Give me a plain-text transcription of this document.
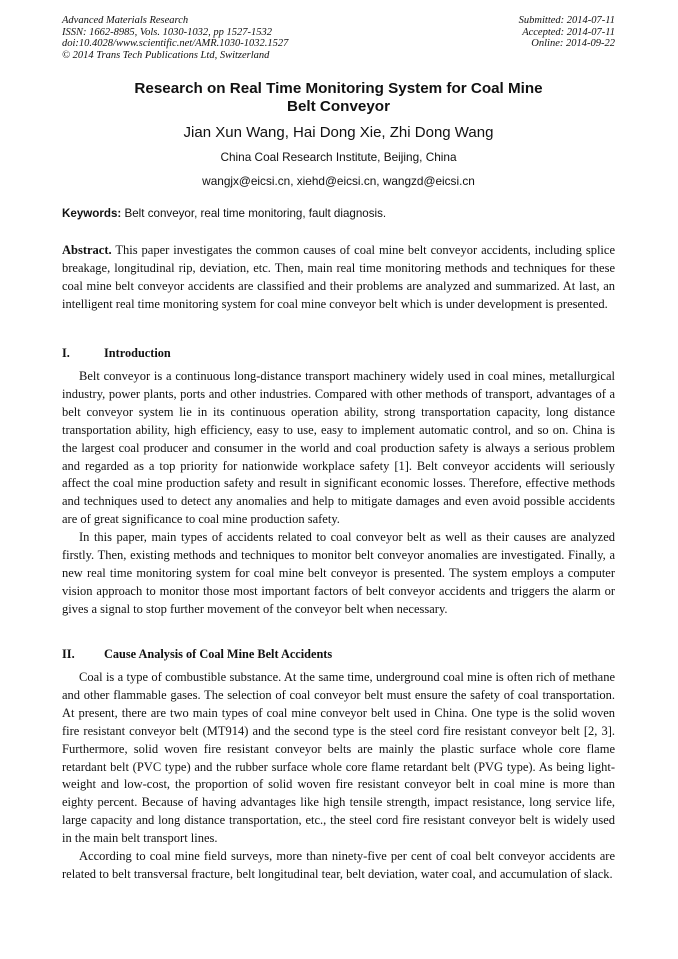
Advanced Materials Research
ISSN: 1662-8985, Vols. 1030-1032, pp 1527-1532
doi:10.4028/www.scientific.net/AMR.1030-1032.1527
© 2014 Trans Tech Publications Ltd, Switzerland
Submitted: 2014-07-11
Accepted: 2014-07-11
Online: 2014-09-22
Research on Real Time Monitoring System for Coal Mine
Belt Conveyor
Jian Xun Wang, Hai Dong Xie, Zhi Dong Wang
China Coal Research Institute, Beijing, China
wangjx@eicsi.cn, xiehd@eicsi.cn, wangzd@eicsi.cn
Keywords: Belt conveyor, real time monitoring, fault diagnosis.
Abstract. This paper investigates the common causes of coal mine belt conveyor accidents, including splice breakage, longitudinal rip, deviation, etc. Then, main real time monitoring methods and techniques for these coal mine belt conveyor accidents are classified and their problems are analyzed and summarized. At last, an intelligent real time monitoring system for coal mine conveyor belt which is under development is presented.
I.	Introduction

Belt conveyor is a continuous long-distance transport machinery widely used in coal mines, metallurgical industry, power plants, ports and other industries. Compared with other methods of transport, advantages of a belt conveyor system lie in its continuous operation ability, strong transportation capacity, long distance transportation ability, high efficiency, easy to use, easy to implement automatic control, and so on. China is the largest coal producer and consumer in the world and coal production safety is always a serious problem and regarded as a top priority for nationwide workplace safety [1]. Belt conveyor accidents will seriously affect the coal mine production safety and result in significant economic losses. Therefore, effective methods and techniques used to detect any anomalies and help to mitigate damages and even avoid possible accidents are of great significance to coal mine production safety.

In this paper, main types of accidents related to coal conveyor belt as well as their causes are analyzed firstly. Then, existing methods and techniques to monitor belt conveyor anomalies are investigated. Finally, a new real time monitoring system for coal mine belt conveyor is presented. The system employs a computer vision approach to monitor those most important factors of belt conveyor accidents and triggers the alarm or gives a signal to stop further movement of the conveyor belt when necessary.

II. Cause Analysis of Coal Mine Belt Accidents

Coal is a type of combustible substance. At the same time, underground coal mine is often rich of methane and other flammable gases. The selection of coal conveyor belt must ensure the safety of coal transportation. At present, there are two main types of coal mine conveyor belt used in China. One type is the solid woven fire resistant conveyor belt (MT914) and the second type is the steel cord fire resistant conveyor belt [2, 3]. Furthermore, solid woven fire resistant conveyor belts are mainly the plastic surface whole core flame retardant belt (PVC type) and the rubber surface whole core flame retardant belt (PVG type). As being light-weight and low-cost, the proportion of solid woven fire resistant conveyor belt in coal mine is more than eighty percent. Because of having advantages like high tensile strength, impact resistance, long service life, large capacity and long distance transportation, etc., the steel cord fire resistant conveyor belt is widely used in the main belt transport lines.

According to coal mine field surveys, more than ninety-five per cent of coal belt conveyor accidents are related to belt transversal fracture, belt longitudinal tear, belt deviation, water coal, and accumulation of slack.
